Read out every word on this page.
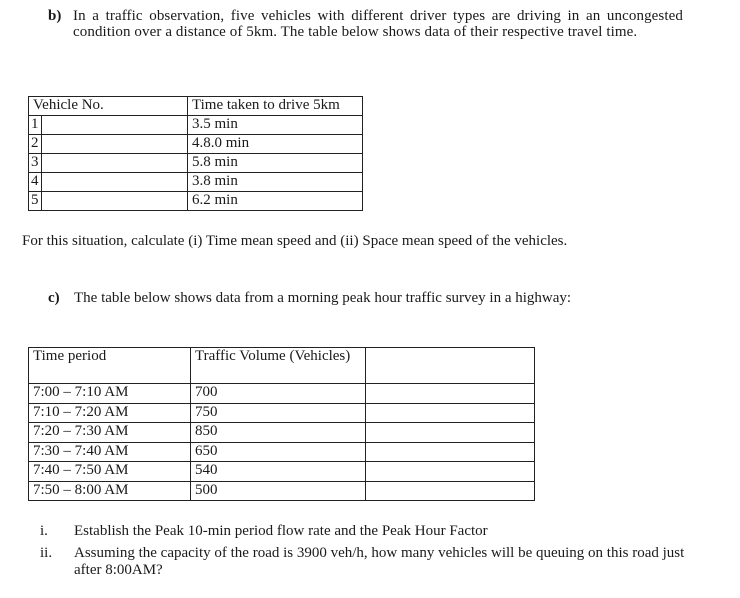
b) In a traffic observation, five vehicles with different driver types are driving in an uncongested condition over a distance of 5km. The table below shows data of their respective travel time.
Vehicle No.		Time taken to drive 5km
1		3.5 min
2		4.8.0 min
3		5.8 min
4		3.8 min
5		6.2 min
For this situation, calculate (i) Time mean speed and (ii) Space mean speed of the vehicles.
c) The table below shows data from a morning peak hour traffic survey in a highway:
Time period	Traffic Volume (Vehicles)	
7:00 – 7:10 AM	700	
7:10 – 7:20 AM	750	
7:20 – 7:30 AM	850	
7:30 – 7:40 AM	650	
7:40 – 7:50 AM	540	
7:50 – 8:00 AM	500	
i. Establish the Peak 10-min period flow rate and the Peak Hour Factor
ii. Assuming the capacity of the road is 3900 veh/h, how many vehicles will be queuing on this road just after 8:00AM?
